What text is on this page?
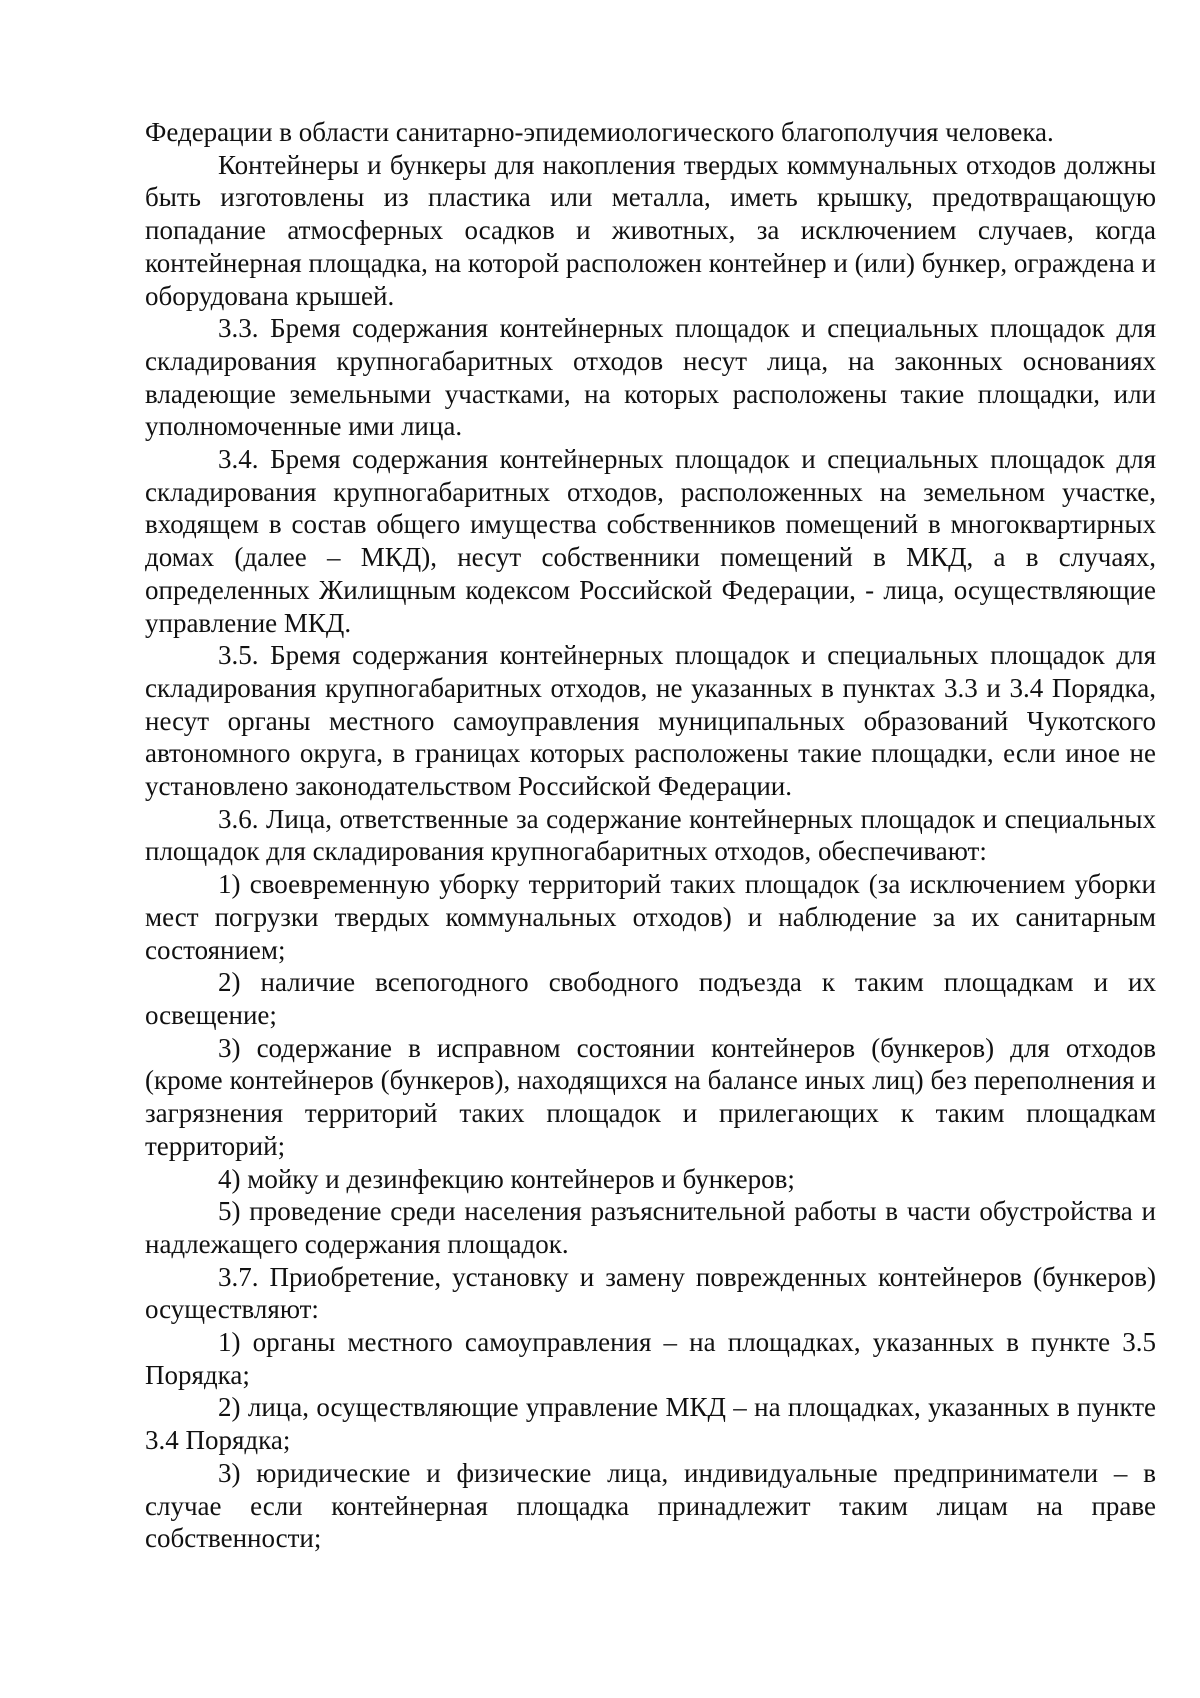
Федерации в области санитарно-эпидемиологического благополучия человека.

Контейнеры и бункеры для накопления твердых коммунальных отходов должны быть изготовлены из пластика или металла, иметь крышку, предотвращающую попадание атмосферных осадков и животных, за исключением случаев, когда контейнерная площадка, на которой расположен контейнер и (или) бункер, ограждена и оборудована крышей.

3.3. Бремя содержания контейнерных площадок и специальных площадок для складирования крупногабаритных отходов несут лица, на законных основаниях владеющие земельными участками, на которых расположены такие площадки, или уполномоченные ими лица.

3.4. Бремя содержания контейнерных площадок и специальных площадок для складирования крупногабаритных отходов, расположенных на земельном участке, входящем в состав общего имущества собственников помещений в многоквартирных домах (далее – МКД), несут собственники помещений в МКД, а в случаях, определенных Жилищным кодексом Российской Федерации, - лица, осуществляющие управление МКД.

3.5. Бремя содержания контейнерных площадок и специальных площадок для складирования крупногабаритных отходов, не указанных в пунктах 3.3 и 3.4 Порядка, несут органы местного самоуправления муниципальных образований Чукотского автономного округа, в границах которых расположены такие площадки, если иное не установлено законодательством Российской Федерации.

3.6. Лица, ответственные за содержание контейнерных площадок и специальных площадок для складирования крупногабаритных отходов, обеспечивают:

1) своевременную уборку территорий таких площадок (за исключением уборки мест погрузки твердых коммунальных отходов) и наблюдение за их санитарным состоянием;

2) наличие всепогодного свободного подъезда к таким площадкам и их освещение;

3) содержание в исправном состоянии контейнеров (бункеров) для отходов (кроме контейнеров (бункеров), находящихся на балансе иных лиц) без переполнения и загрязнения территорий таких площадок и прилегающих к таким площадкам территорий;

4) мойку и дезинфекцию контейнеров и бункеров;

5) проведение среди населения разъяснительной работы в части обустройства и надлежащего содержания площадок.

3.7. Приобретение, установку и замену поврежденных контейнеров (бункеров) осуществляют:

1) органы местного самоуправления – на площадках, указанных в пункте 3.5 Порядка;

2) лица, осуществляющие управление МКД – на площадках, указанных в пункте 3.4 Порядка;

3) юридические и физические лица, индивидуальные предприниматели – в случае если контейнерная площадка принадлежит таким лицам на праве собственности;
